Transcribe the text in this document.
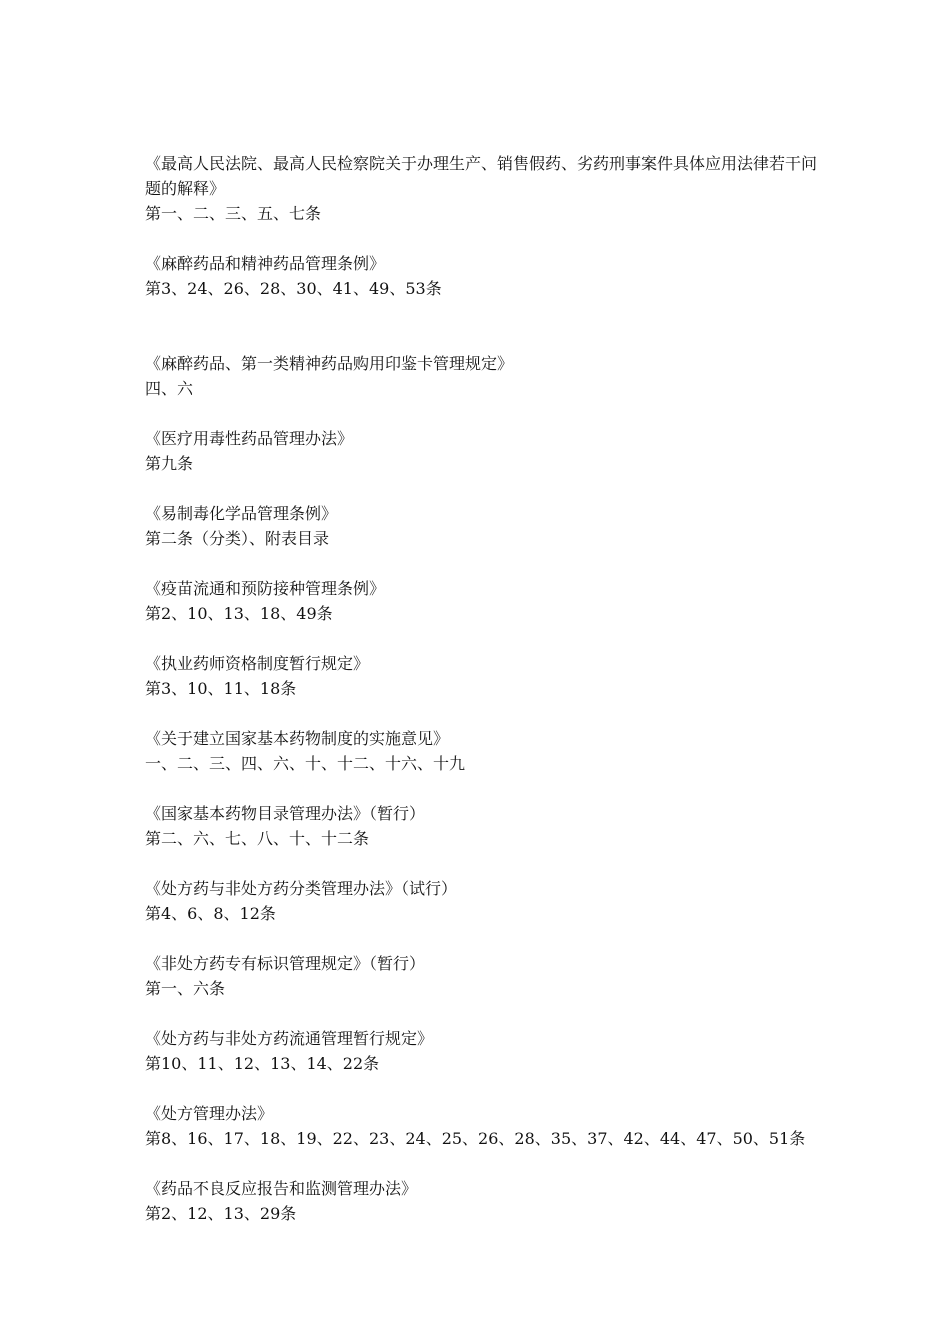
《最高人民法院、最高人民检察院关于办理生产、销售假药、劣药刑事案件具体应用法律若干问题的解释》

第一、二、三、五、七条

《麻醉药品和精神药品管理条例》

第3、24、26、28、30、41、49、53条

《麻醉药品、第一类精神药品购用印鉴卡管理规定》

四、六

《医疗用毒性药品管理办法》

第九条

《易制毒化学品管理条例》

第二条（分类）、附表目录

《疫苗流通和预防接种管理条例》

第2、10、13、18、49条

《执业药师资格制度暂行规定》

第3、10、11、18条

《关于建立国家基本药物制度的实施意见》

一、二、三、四、六、十、十二、十六、十九

《国家基本药物目录管理办法》（暂行）

第二、六、七、八、十、十二条

《处方药与非处方药分类管理办法》（试行）

第4、6、8、12条

《非处方药专有标识管理规定》（暂行）

第一、六条

《处方药与非处方药流通管理暂行规定》

第10、11、12、13、14、22条

《处方管理办法》

第8、16、17、18、19、22、23、24、25、26、28、35、37、42、44、47、50、51条

《药品不良反应报告和监测管理办法》

第2、12、13、29条
